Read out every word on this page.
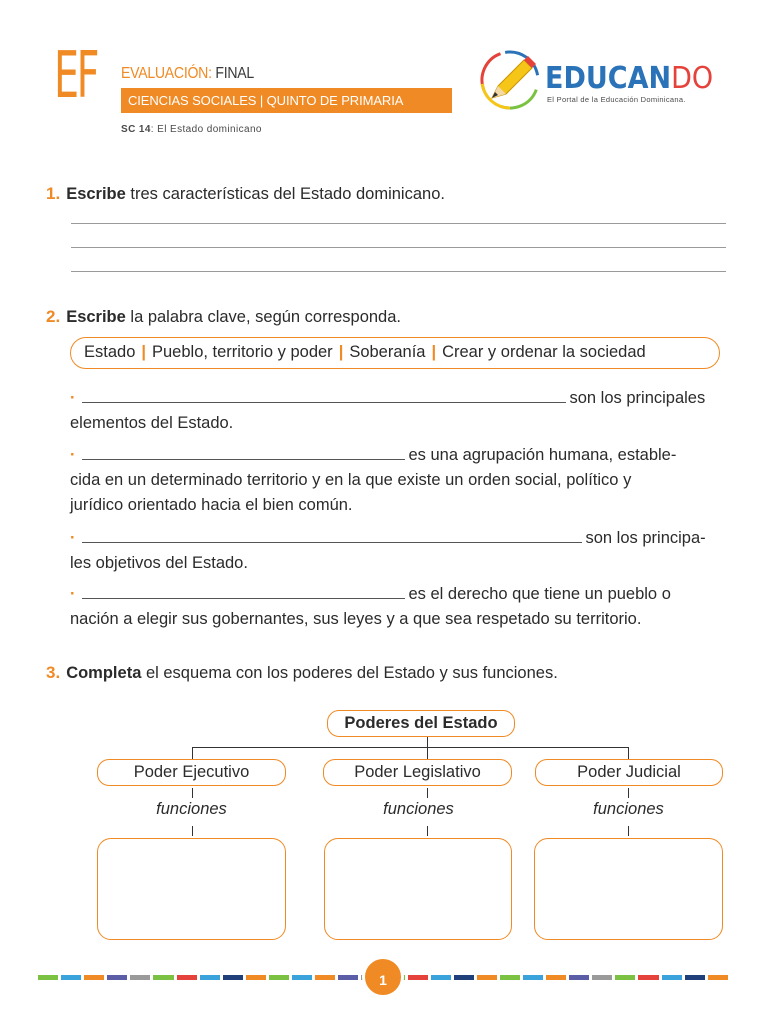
EF EVALUACIÓN: FINAL
CIENCIAS SOCIALES | QUINTO DE PRIMARIA
SC 14: El Estado dominicano
EDUCANDO
El Portal de la Educación Dominicana.
1. Escribe tres características del Estado dominicano.
2. Escribe la palabra clave, según corresponda.
Estado | Pueblo, territorio y poder | Soberanía | Crear y ordenar la sociedad
·	son los principales
elementos del Estado.
·	es una agrupación humana, estable-
cida en un determinado territorio y en la que existe un orden social, político y
jurídico orientado hacia el bien común.
·	son los principa-
les objetivos del Estado.
·	es el derecho que tiene un pueblo o
nación a elegir sus gobernantes, sus leyes y a que sea respetado su territorio.
3. Completa el esquema con los poderes del Estado y sus funciones.
Poderes del Estado
Poder Ejecutivo	Poder Legislativo	Poder Judicial
funciones	funciones	funciones
1
